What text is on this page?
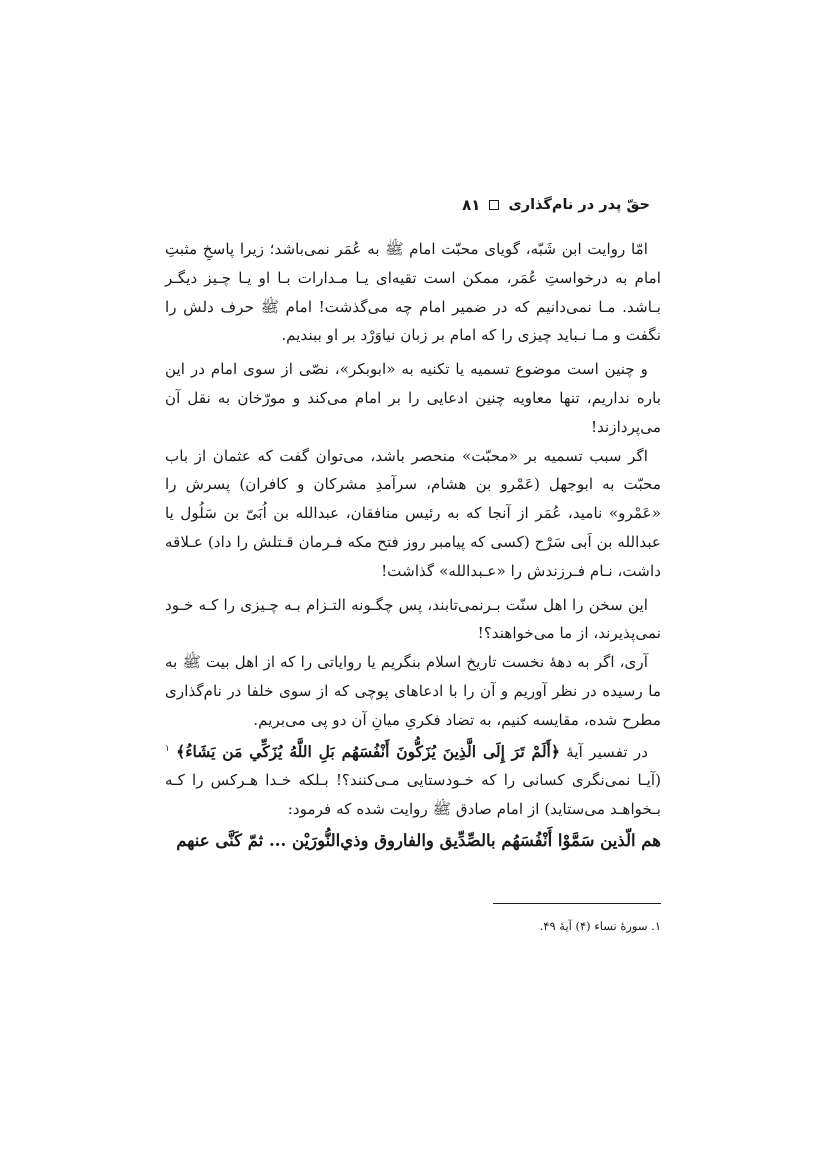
حقّ پدر در نام‌گذاری
۸۱

امّا روایت ابن شَبّه، گویای محبّت امام ﷺ به عُمَر نمی‌باشد؛ زیرا پاسخِ مثبتِ امام به درخواستِ عُمَر، ممکن است تقیه‌ای یـا مـدارات بـا او یـا چـیز دیگـر بـاشد. مـا نمی‌دانیم که در ضمیر امام چه می‌گذشت! امام ﷺ حرف دلش را نگفت و مـا نـباید چیزی را که امام بر زبان نیاوَرْد بر او ببندیم.

و چنین است موضوع تسمیه یا تکنیه به «ابوبکر»، نصّی از سوی امام در این باره نداریم، تنها معاویه چنین ادعایی را بر امام می‌کند و مورّخان به نقل آن می‌پردازند!

اگر سبب تسمیه بر «محبّت» منحصر باشد، می‌توان گفت که عثمان از باب محبّت به ابوجهل (عَمْرو بن هشام، سرآمدِ مشرکان و کافران) پسرش را «عَمْرو» نامید، عُمَر از آنجا که به رئیس منافقان، عبدالله بن اُبَیّ بن سَلُول یا عبدالله بن اَبی سَرْح (کسی که پیامبر روز فتح مکه فـرمان قـتلش را داد) عـلاقه داشت، نـام فـرزندش را «عـبدالله» گذاشت!

این سخن را اهل سنّت بـرنمی‌تابند، پس چگـونه التـزام بـه چـیزی را کـه خـود نمی‌پذیرند، از ما می‌خواهند؟!

آری، اگر به دههٔ نخست تاریخ اسلام بنگریم یا روایاتی را که از اهل بیت ﷺ به ما رسیده در نظر آوریم و آن را با ادعاهای پوچی که از سوی خلفا در نام‌گذاری مطرح شده، مقایسه کنیم، به تضاد فکریِ میانِ آن دو پی می‌بریم.

در تفسیر آیهٔ ﴿أَلَمْ تَرَ إِلَى الَّذِينَ يُزَكُّونَ أَنْفُسَهُم بَلِ اللَّهُ يُزَكِّي مَن يَشَاءُ﴾ $^۱$ (آیـا نمی‌نگری کسانی را که خـودستایی مـی‌کنند؟! بـلکه خـدا هـرکس را کـه بـخواهـد می‌ستاید) از امام صادق ﷺ روایت شده که فرمود:

هم الّذين سَمَّوْا أَنْفُسَهُم بالصِّدِّيق والفاروق وذي‌النُّورَيْن ... ثمّ كَنَّى عنهم

۱. سورهٔ نساء (۴) آیهٔ ۴۹.
